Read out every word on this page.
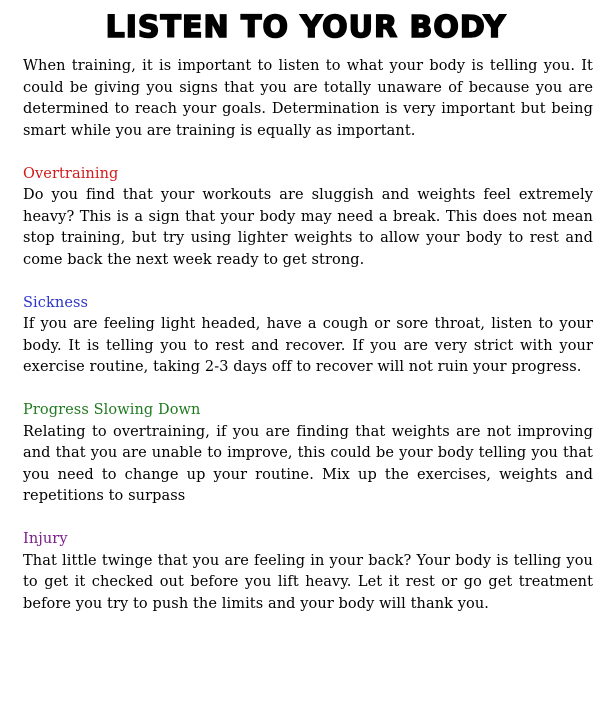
LISTEN TO YOUR BODY

When training, it is important to listen to what your body is telling you. It could be giving you signs that you are totally unaware of because you are determined to reach your goals. Determination is very important but being smart while you are training is equally as important.

Overtraining

Do you find that your workouts are sluggish and weights feel extremely heavy? This is a sign that your body may need a break. This does not mean stop training, but try using lighter weights to allow your body to rest and come back the next week ready to get strong.

Sickness

If you are feeling light headed, have a cough or sore throat, listen to your body. It is telling you to rest and recover. If you are very strict with your exercise routine, taking 2-3 days off to recover will not ruin your progress.

Progress Slowing Down

Relating to overtraining, if you are finding that weights are not improving and that you are unable to improve, this could be your body telling you that you need to change up your routine. Mix up the exercises, weights and repetitions to surpass

Injury

That little twinge that you are feeling in your back? Your body is telling you to get it checked out before you lift heavy. Let it rest or go get treatment before you try to push the limits and your body will thank you.
